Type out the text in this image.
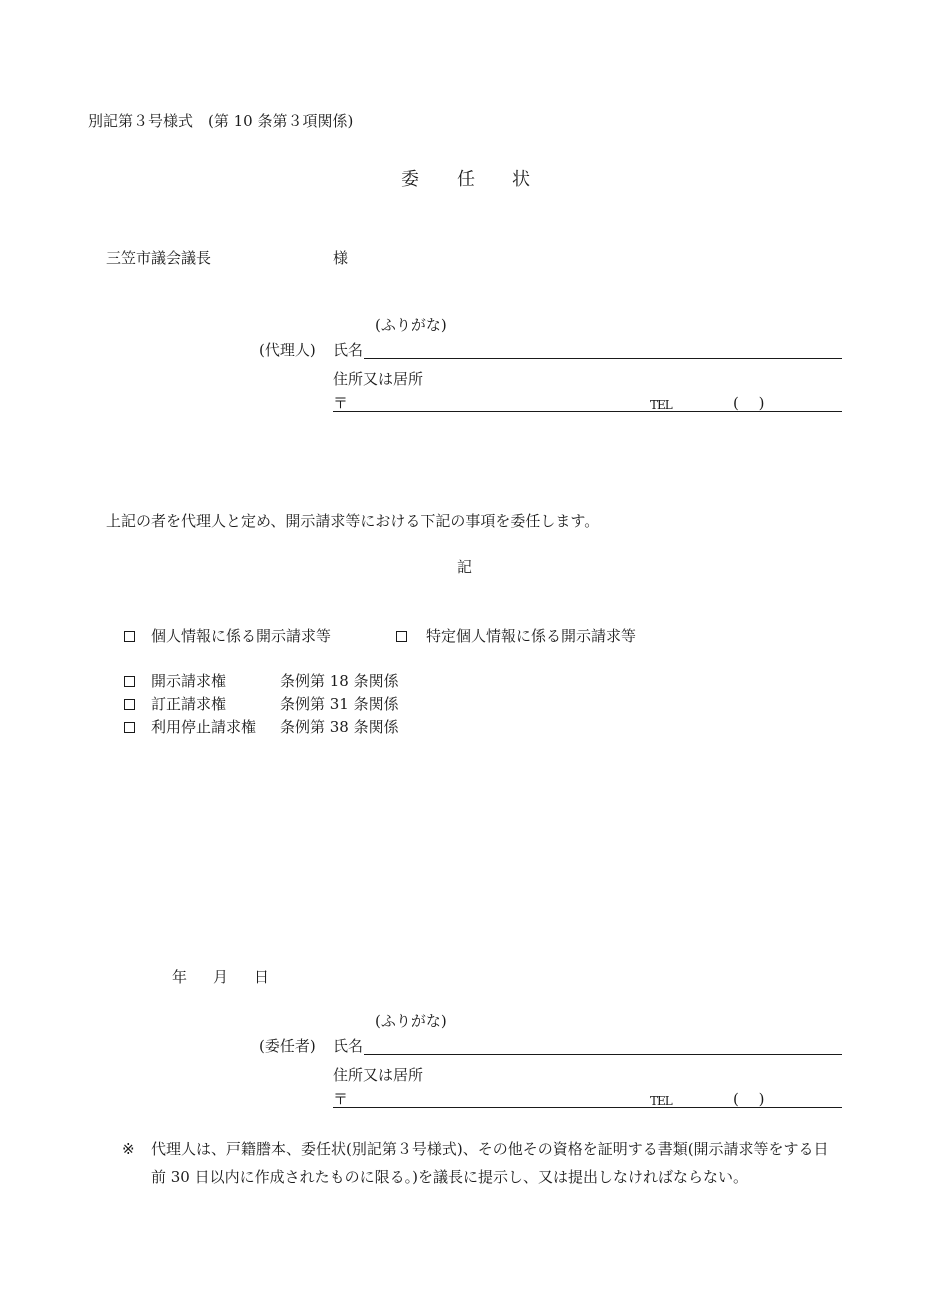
別記第３号様式　(第 10 条第３項関係)
委 任 状
三笠市議会議長	様
(ふりがな)
(代理人) 氏名
住所又は居所
〒	TEL	(　 )
上記の者を代理人と定め、開示請求等における下記の事項を委任します。
記
個人情報に係る開示請求等	特定個人情報に係る開示請求等
開示請求権	条例第 18 条関係
訂正請求権	条例第 31 条関係
利用停止請求権 条例第 38 条関係
年 月 日
(ふりがな)
(委任者) 氏名
住所又は居所
〒	TEL	(　 )
※ 代理人は、戸籍謄本、委任状(別記第３号様式)、その他その資格を証明する書類(開示請求等をする日前 30 日以内に作成されたものに限る。)を議長に提示し、又は提出しなければならない。
